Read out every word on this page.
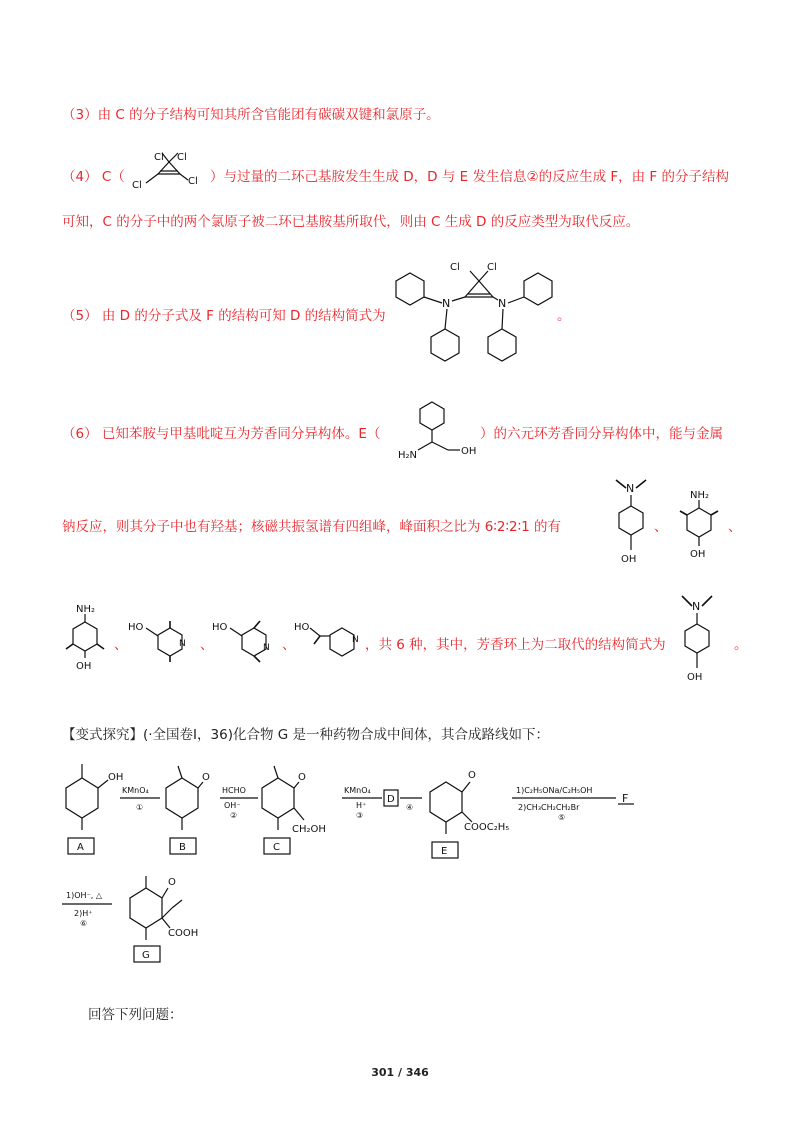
（3）由 C 的分子结构可知其所含官能团有碳碳双键和氯原子。
（4） C（
Cl Cl
Cl	Cl ）与过量的二环己基胺发生生成 D，D 与 E 发生信息②的反应生成 F，由 F 的分子结构
可知，C 的分子中的两个氯原子被二环已基胺基所取代，则由 C 生成 D 的反应类型为取代反应。
（5） 由 D 的分子式及 F 的结构可知 D 的结构简式为
Cl	Cl
N	N
。
（6） 已知苯胺与甲基吡啶互为芳香同分异构体。E（
H₂N	OH
）的六元环芳香同分异构体中，能与金属
钠反应，则其分子中也有羟基；核磁共振氢谱有四组峰，峰面积之比为 6∶2∶2∶1 的有
N
OH
、
NH₂
OH
、
NH₂
OH
、
HO
N 、
HO
N 、
HO
N ，共 6 种，其中，芳香环上为二取代的结构简式为
N
OH
。
【变式探究】(·全国卷I，36)化合物 G 是一种药物合成中间体，其合成路线如下：
OH
A
KMnO₄
①
O
B
HCHO
OH⁻
②
O
CH₂OH
C
KMnO₄
H⁺
③
D
④
O
COOC₂H₅
E
1)C₂H₅ONa/C₂H₅OH
2)CH₃CH₂CH₂Br
⑤
F
1)OH⁻, △
2)H⁺
⑥
O
COOH
G
回答下列问题：
301 / 346
